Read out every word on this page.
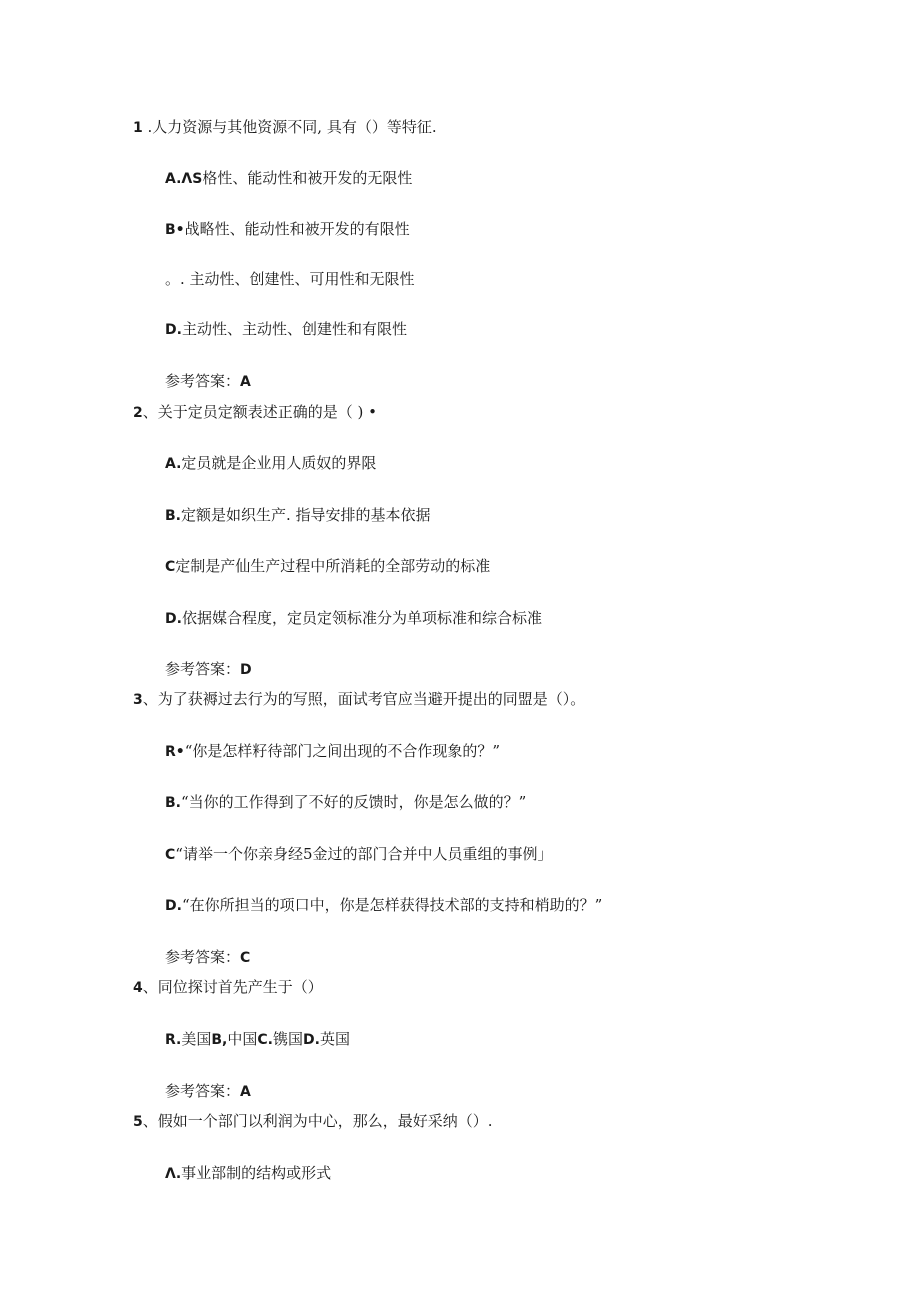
1 .人力资源与其他资源不同, 具有（）等特征.
A.ΛS格性、能动性和被开发的无限性
B•战略性、能动性和被开发的有限性
。. 主动性、创建性、可用性和无限性
D.主动性、主动性、创建性和有限性
参考答案：A
2、关于定员定额表述正确的是（ ) •
A.定员就是企业用人质奴的界限
B.定额是如织生产. 指导安排的基本依据
C定制是产仙生产过程中所消耗的全部劳动的标准
D.依据媒合程度，定员定领标准分为单项标准和综合标准
参考答案：D
3、为了获褥过去行为的写照，面试考官应当避开提出的同盟是（）。
R•“你是怎样籽待部门之间出现的不合作现象的？”
B.“当你的工作得到了不好的反馈时，你是怎么做的？”
C“请举一个你亲身经5金过的部门合并中人员重组的事例」
D.“在你所担当的项口中，你是怎样获得技术部的支持和梢助的？”
参考答案：C
4、同位探讨首先产生于（）
R.美国B,中国C.镌国D.英国
参考答案：A
5、假如一个部门以利润为中心，那么，最好采纳（）.
Λ.事业部制的结构或形式
